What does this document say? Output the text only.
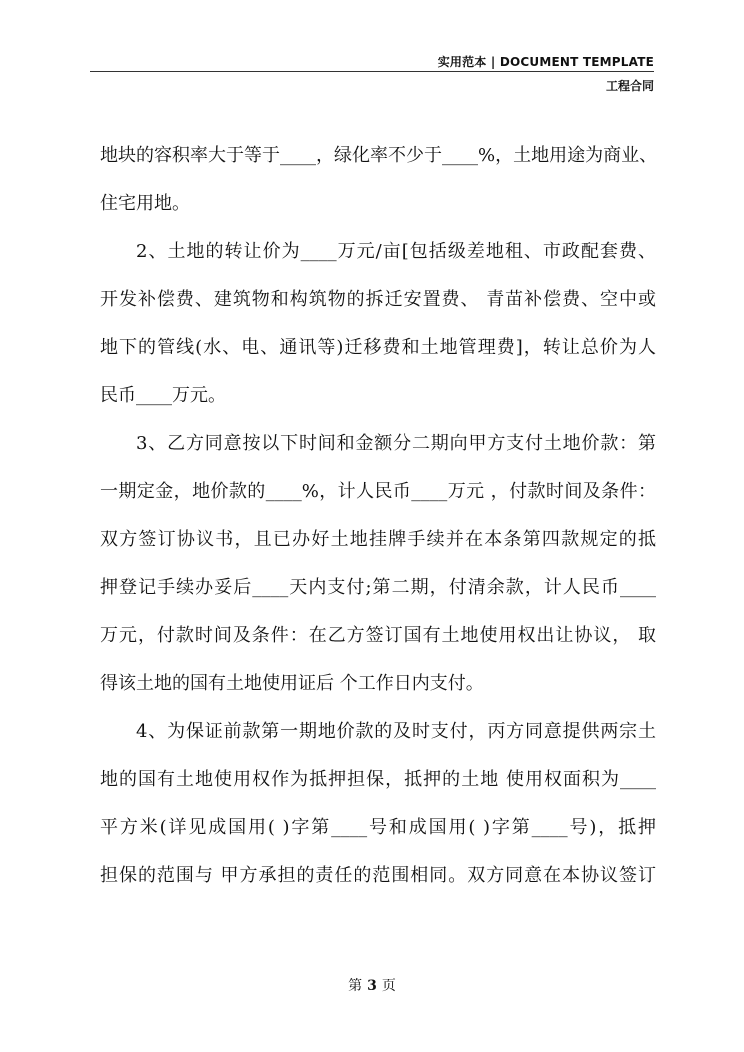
实用范本 | DOCUMENT TEMPLATE
工程合同
地块的容积率大于等于____，绿化率不少于____%，土地用途为商业、
住宅用地。
2、土地的转让价为____万元/亩[包括级差地租、市政配套费、
开发补偿费、建筑物和构筑物的拆迁安置费、 青苗补偿费、空中或
地下的管线(水、电、通讯等)迁移费和土地管理费]，转让总价为人
民币____万元。
3、乙方同意按以下时间和金额分二期向甲方支付土地价款：第
一期定金，地价款的____%，计人民币____万元 ，付款时间及条件：
双方签订协议书，且已办好土地挂牌手续并在本条第四款规定的抵
押登记手续办妥后____天内支付;第二期，付清余款，计人民币____
万元，付款时间及条件：在乙方签订国有土地使用权出让协议， 取
得该土地的国有土地使用证后 个工作日内支付。
4、为保证前款第一期地价款的及时支付，丙方同意提供两宗土
地的国有土地使用权作为抵押担保，抵押的土地 使用权面积为____
平方米(详见成国用( )字第____号和成国用( )字第____号)，抵押
担保的范围与 甲方承担的责任的范围相同。双方同意在本协议签订
第 3 页
